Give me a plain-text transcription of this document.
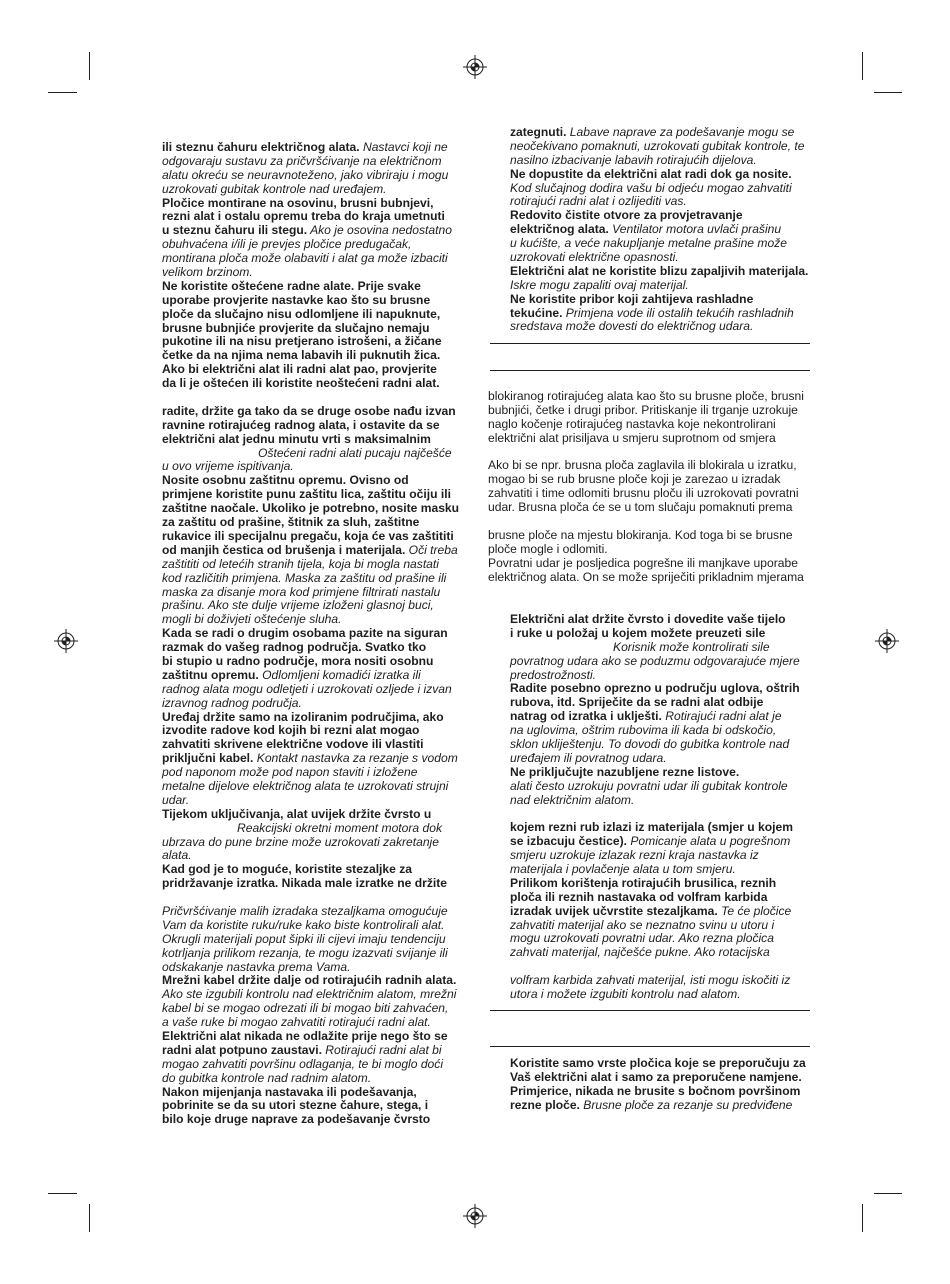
ili steznu čahuru električnog alata. Nastavci koji ne
odgovaraju sustavu za pričvršćivanje na električnom
alatu okreću se neuravnoteženo, jako vibriraju i mogu
uzrokovati gubitak kontrole nad uređajem.
Pločice montirane na osovinu, brusni bubnjevi,
rezni alat i ostalu opremu treba do kraja umetnuti
u steznu čahuru ili stegu. Ako je osovina nedostatno
obuhvaćena i/ili je prevjes pločice predugačak,
montirana ploča može olabaviti i alat ga može izbaciti
velikom brzinom.
Ne koristite oštećene radne alate. Prije svake
uporabe provjerite nastavke kao što su brusne
ploče da slučajno nisu odlomljene ili napuknute,
brusne bubnjiće provjerite da slučajno nemaju
pukotine ili na nisu pretjerano istrošeni, a žičane
četke da na njima nema labavih ili puknutih žica.
Ako bi električni alat ili radni alat pao, provjerite
da li je oštećen ili koristite neoštećeni radni alat.
radite, držite ga tako da se druge osobe nađu izvan
ravnine rotirajućeg radnog alata, i ostavite da se
električni alat jednu minutu vrti s maksimalnim
Oštećeni radni alati pucaju najčešće
u ovo vrijeme ispitivanja.
Nosite osobnu zaštitnu opremu. Ovisno od
primjene koristite punu zaštitu lica, zaštitu očiju ili
zaštitne naočale. Ukoliko je potrebno, nosite masku
za zaštitu od prašine, štitnik za sluh, zaštitne
rukavice ili specijalnu pregaču, koja će vas zaštititi
od manjih čestica od brušenja i materijala. Oči treba
zaštititi od letećih stranih tijela, koja bi mogla nastati
kod različitih primjena. Maska za zaštitu od prašine ili
maska za disanje mora kod primjene filtrirati nastalu
prašinu. Ako ste dulje vrijeme izloženi glasnoj buci,
mogli bi doživjeti oštećenje sluha.
Kada se radi o drugim osobama pazite na siguran
razmak do vašeg radnog područja. Svatko tko
bi stupio u radno područje, mora nositi osobnu
zaštitnu opremu. Odlomljeni komadići izratka ili
radnog alata mogu odletjeti i uzrokovati ozljede i izvan
izravnog radnog područja.
Uređaj držite samo na izoliranim područjima, ako
izvodite radove kod kojih bi rezni alat mogao
zahvatiti skrivene električne vodove ili vlastiti
priključni kabel. Kontakt nastavka za rezanje s vodom
pod naponom može pod napon staviti i izložene
metalne dijelove električnog alata te uzrokovati strujni
udar.
Tijekom uključivanja, alat uvijek držite čvrsto u
Reakcijski okretni moment motora dok
ubrzava do pune brzine može uzrokovati zakretanje
alata.
Kad god je to moguće, koristite stezaljke za
pridržavanje izratka. Nikada male izratke ne držite
Pričvršćivanje malih izradaka stezaljkama omogućuje
Vam da koristite ruku/ruke kako biste kontrolirali alat.
Okrugli materijali poput šipki ili cijevi imaju tendenciju
kotrljanja prilikom rezanja, te mogu izazvati svijanje ili
odskakanje nastavka prema Vama.
Mrežni kabel držite dalje od rotirajućih radnih alata.
Ako ste izgubili kontrolu nad električnim alatom, mrežni
kabel bi se mogao odrezati ili bi mogao biti zahvaćen,
a vaše ruke bi mogao zahvatiti rotirajući radni alat.
Električni alat nikada ne odlažite prije nego što se
radni alat potpuno zaustavi. Rotirajući radni alat bi
mogao zahvatiti površinu odlaganja, te bi moglo doći
do gubitka kontrole nad radnim alatom.
Nakon mijenjanja nastavaka ili podešavanja,
pobrinite se da su utori stezne čahure, stega, i
bilo koje druge naprave za podešavanje čvrsto
zategnuti. Labave naprave za podešavanje mogu se
neočekivano pomaknuti, uzrokovati gubitak kontrole, te
nasilno izbacivanje labavih rotirajućih dijelova.
Ne dopustite da električni alat radi dok ga nosite.
Kod slučajnog dodira vašu bi odjeću mogao zahvatiti
rotirajući radni alat i ozlijediti vas.
Redovito čistite otvore za provjetravanje
električnog alata. Ventilator motora uvlači prašinu
u kućište, a veće nakupljanje metalne prašine može
uzrokovati električne opasnosti.
Električni alat ne koristite blizu zapaljivih materijala.
Iskre mogu zapaliti ovaj materijal.
Ne koristite pribor koji zahtijeva rashladne
tekućine. Primjena vode ili ostalih tekućih rashladnih
sredstava može dovesti do električnog udara.
blokiranog rotirajućeg alata kao što su brusne ploče, brusni
bubnjići, četke i drugi pribor. Pritiskanje ili trganje uzrokuje
naglo kočenje rotirajućeg nastavka koje nekontrolirani
električni alat prisiljava u smjeru suprotnom od smjera
Ako bi se npr. brusna ploča zaglavila ili blokirala u izratku,
mogao bi se rub brusne ploče koji je zarezao u izradak
zahvatiti i time odlomiti brusnu ploču ili uzrokovati povratni
udar. Brusna ploča će se u tom slučaju pomaknuti prema
brusne ploče na mjestu blokiranja. Kod toga bi se brusne
ploče mogle i odlomiti.
Povratni udar je posljedica pogrešne ili manjkave uporabe
električnog alata. On se može spriječiti prikladnim mjerama
Električni alat držite čvrsto i dovedite vaše tijelo
i ruke u položaj u kojem možete preuzeti sile
Korisnik može kontrolirati sile
povratnog udara ako se poduzmu odgovarajuće mjere
predostrožnosti.
Radite posebno oprezno u području uglova, oštrih
rubova, itd. Spriječite da se radni alat odbije
natrag od izratka i uklješti. Rotirajući radni alat je
na uglovima, oštrim rubovima ili kada bi odskočio,
sklon ukliještenju. To dovodi do gubitka kontrole nad
uređajem ili povratnog udara.
Ne priključujte nazubljene rezne listove.
alati često uzrokuju povratni udar ili gubitak kontrole
nad električnim alatom.
kojem rezni rub izlazi iz materijala (smjer u kojem
se izbacuju čestice). Pomicanje alata u pogrešnom
smjeru uzrokuje izlazak rezni kraja nastavka iz
materijala i povlačenje alata u tom smjeru.
Prilikom korištenja rotirajućih brusilica, reznih
ploča ili reznih nastavaka od volfram karbida
izradak uvijek učvrstite stezaljkama. Te će pločice
zahvatiti materijal ako se neznatno svinu u utoru i
mogu uzrokovati povratni udar. Ako rezna pločica
zahvati materijal, najčešće pukne. Ako rotacijska
volfram karbida zahvati materijal, isti mogu iskočiti iz
utora i možete izgubiti kontrolu nad alatom.
Koristite samo vrste pločica koje se preporučuju za
Vaš električni alat i samo za preporučene namjene.
Primjerice, nikada ne brusite s bočnom površinom
rezne ploče. Brusne ploče za rezanje su predviđene
